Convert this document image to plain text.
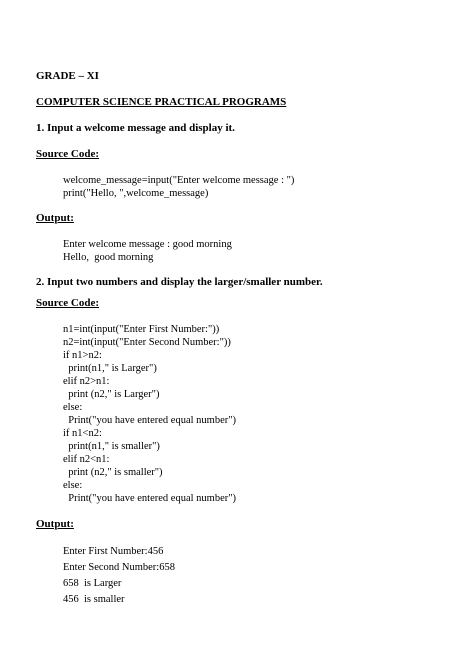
GRADE – XI
COMPUTER SCIENCE PRACTICAL PROGRAMS
1. Input a welcome message and display it.
Source Code:
welcome_message=input("Enter welcome message : ")
print("Hello, ",welcome_message)
Output:
Enter welcome message : good morning
Hello,  good morning
2. Input two numbers and display the larger/smaller number.
Source Code:
n1=int(input("Enter First Number:"))
n2=int(input("Enter Second Number:"))
if n1>n2:
print(n1," is Larger")
elif n2>n1:
print (n2," is Larger")
else:
Print("you have entered equal number")
if n1<n2:
print(n1," is smaller")
elif n2<n1:
print (n2," is smaller")
else:
Print("you have entered equal number")
Output:
Enter First Number:456
Enter Second Number:658
658  is Larger
456  is smaller
